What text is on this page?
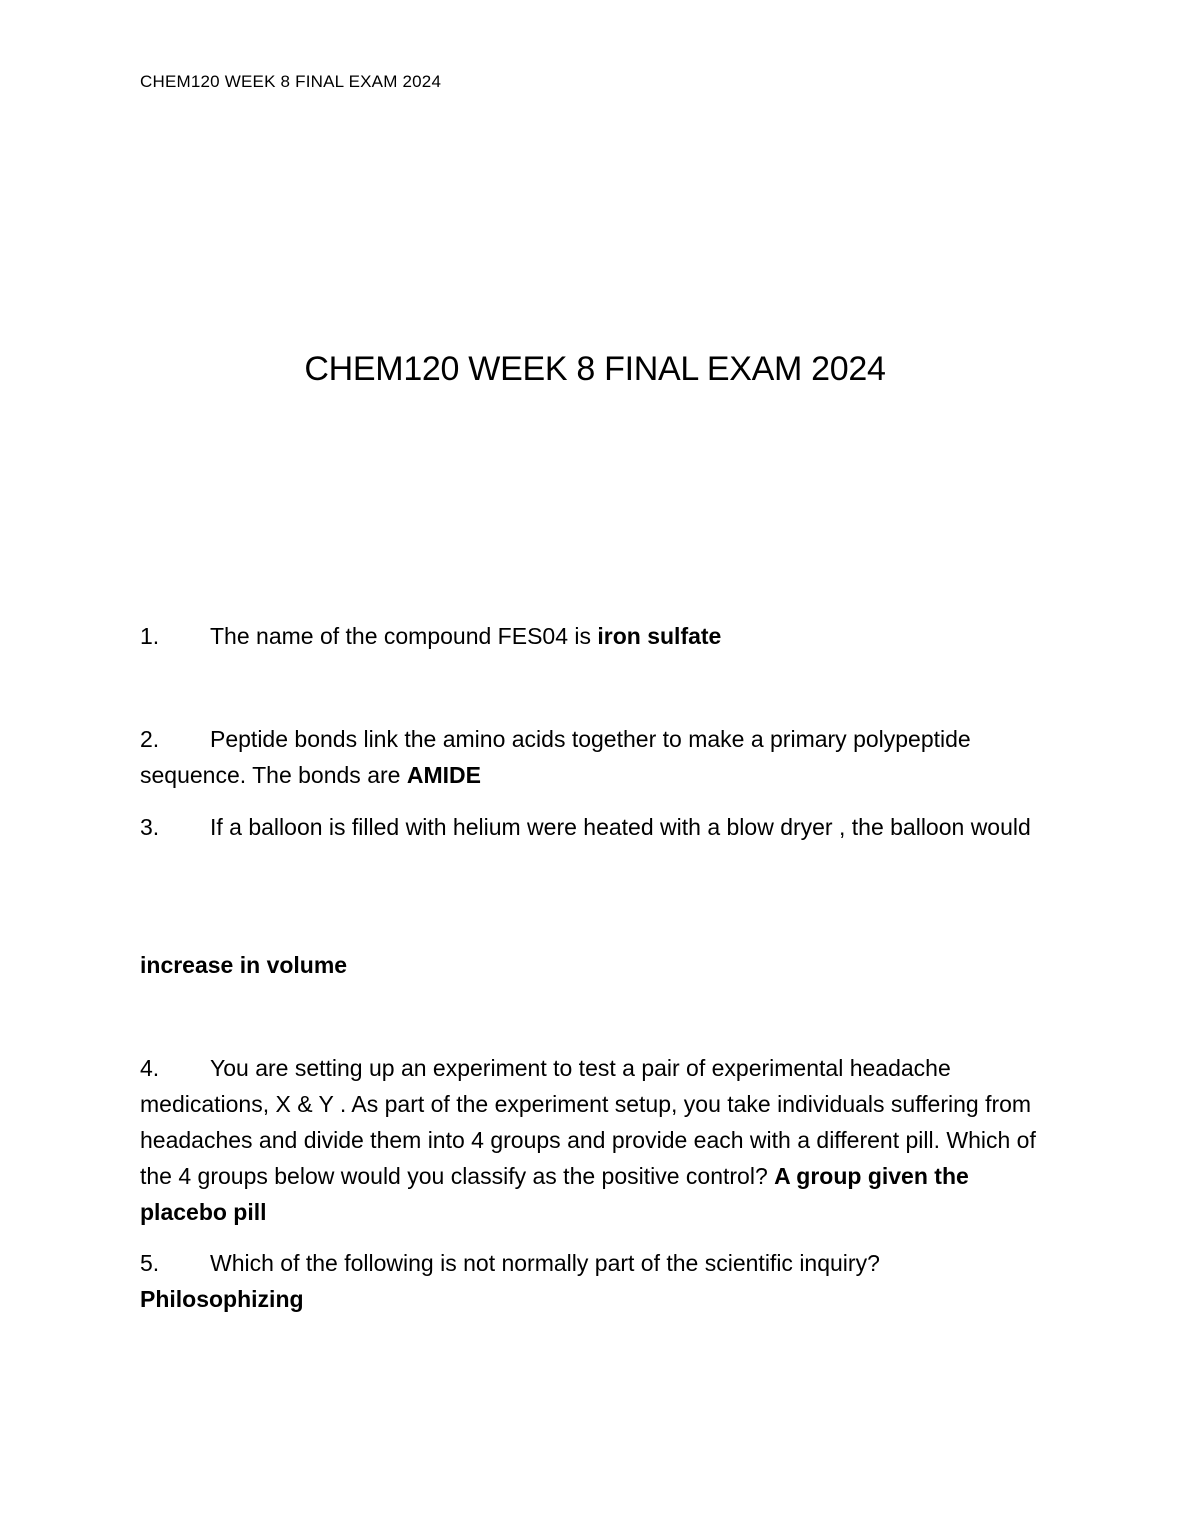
CHEM120 WEEK 8 FINAL EXAM 2024
CHEM120 WEEK 8 FINAL EXAM 2024
1. The name of the compound FES04 is iron sulfate
2. Peptide bonds link the amino acids together to make a primary polypeptide sequence. The bonds are AMIDE
3. If a balloon is filled with helium were heated with a blow dryer , the balloon would
increase in volume
4. You are setting up an experiment to test a pair of experimental headache medications, X & Y . As part of the experiment setup, you take individuals suffering from headaches and divide them into 4 groups and provide each with a different pill. Which of the 4 groups below would you classify as the positive control? A group given the placebo pill
5. Which of the following is not normally part of the scientific inquiry?
Philosophizing
